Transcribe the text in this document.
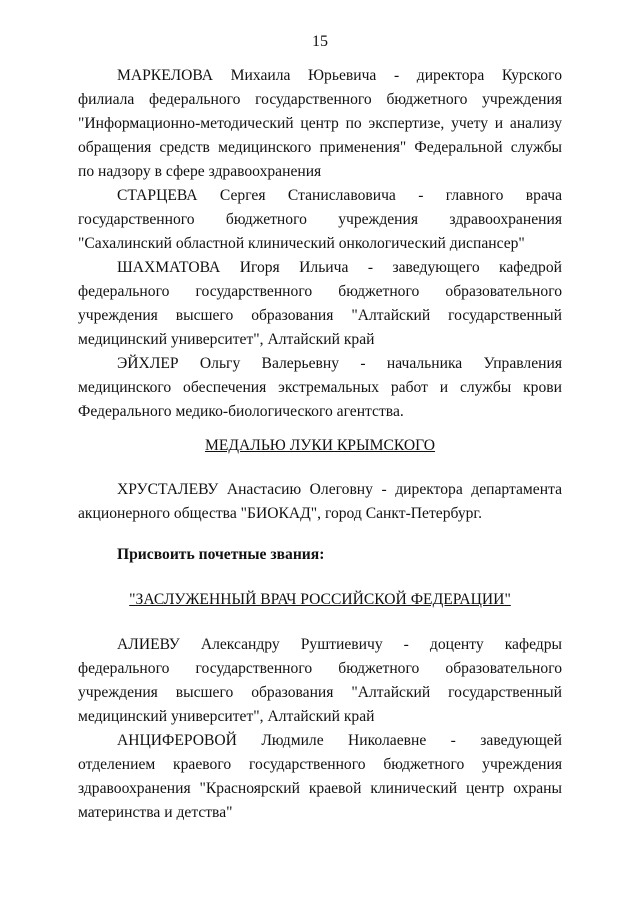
15
МАРКЕЛОВА Михаила Юрьевича - директора Курского
филиала федерального государственного бюджетного учреждения
"Информационно-методический центр по экспертизе, учету и анализу
обращения средств медицинского применения" Федеральной службы
по надзору в сфере здравоохранения
СТАРЦЕВА Сергея Станиславовича - главного врача
государственного бюджетного учреждения здравоохранения
"Сахалинский областной клинический онкологический диспансер"
ШАХМАТОВА Игоря Ильича - заведующего кафедрой
федерального государственного бюджетного образовательного
учреждения высшего образования "Алтайский государственный
медицинский университет", Алтайский край
ЭЙХЛЕР Ольгу Валерьевну - начальника Управления
медицинского обеспечения экстремальных работ и службы крови
Федерального медико-биологического агентства.
МЕДАЛЬЮ ЛУКИ КРЫМСКОГО
ХРУСТАЛЕВУ Анастасию Олеговну - директора департамента
акционерного общества "БИОКАД", город Санкт-Петербург.
Присвоить почетные звания:
"ЗАСЛУЖЕННЫЙ ВРАЧ РОССИЙСКОЙ ФЕДЕРАЦИИ"
АЛИЕВУ Александру Руштиевичу - доценту кафедры
федерального государственного бюджетного образовательного
учреждения высшего образования "Алтайский государственный
медицинский университет", Алтайский край
АНЦИФЕРОВОЙ Людмиле Николаевне - заведующей
отделением краевого государственного бюджетного учреждения
здравоохранения "Красноярский краевой клинический центр охраны
материнства и детства"
